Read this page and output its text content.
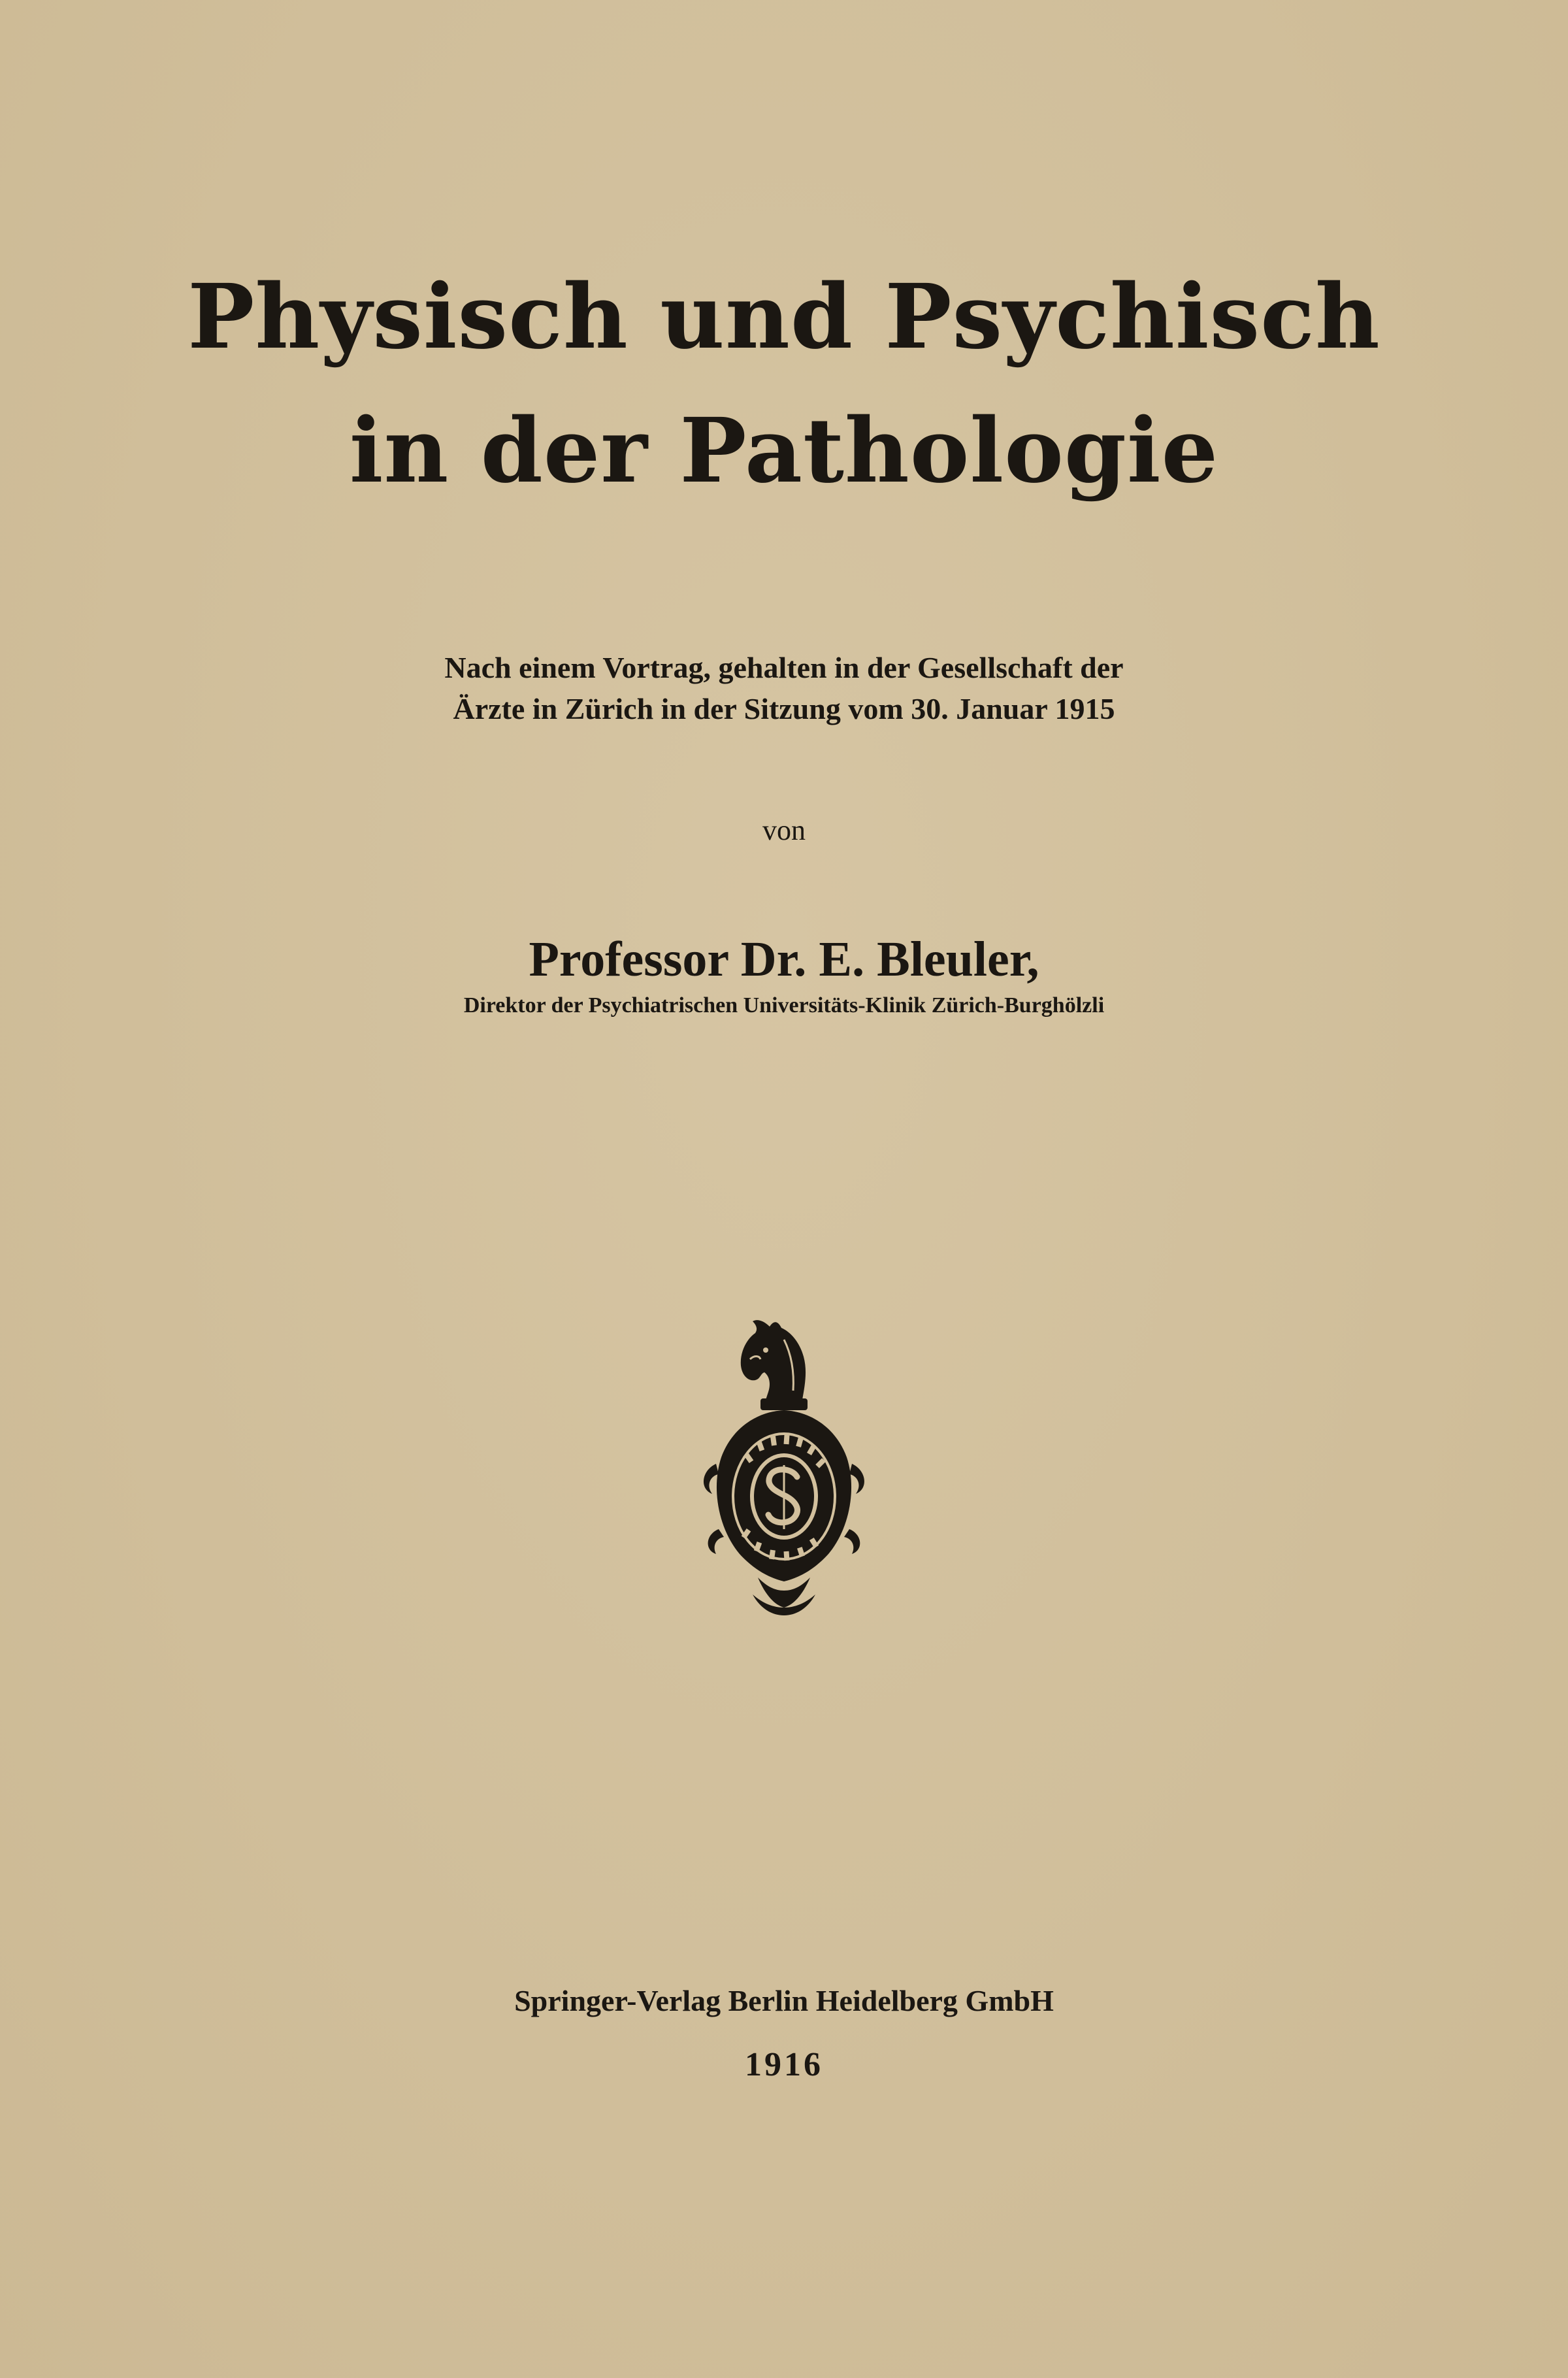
Physisch und Psychisch
in der Pathologie
Nach einem Vortrag, gehalten in der Gesellschaft der
Ärzte in Zürich in der Sitzung vom 30. Januar 1915
von
Professor Dr. E. Bleuler,
Direktor der Psychiatrischen Universitäts-Klinik Zürich-Burghölzli
Springer-Verlag Berlin Heidelberg GmbH
1916
